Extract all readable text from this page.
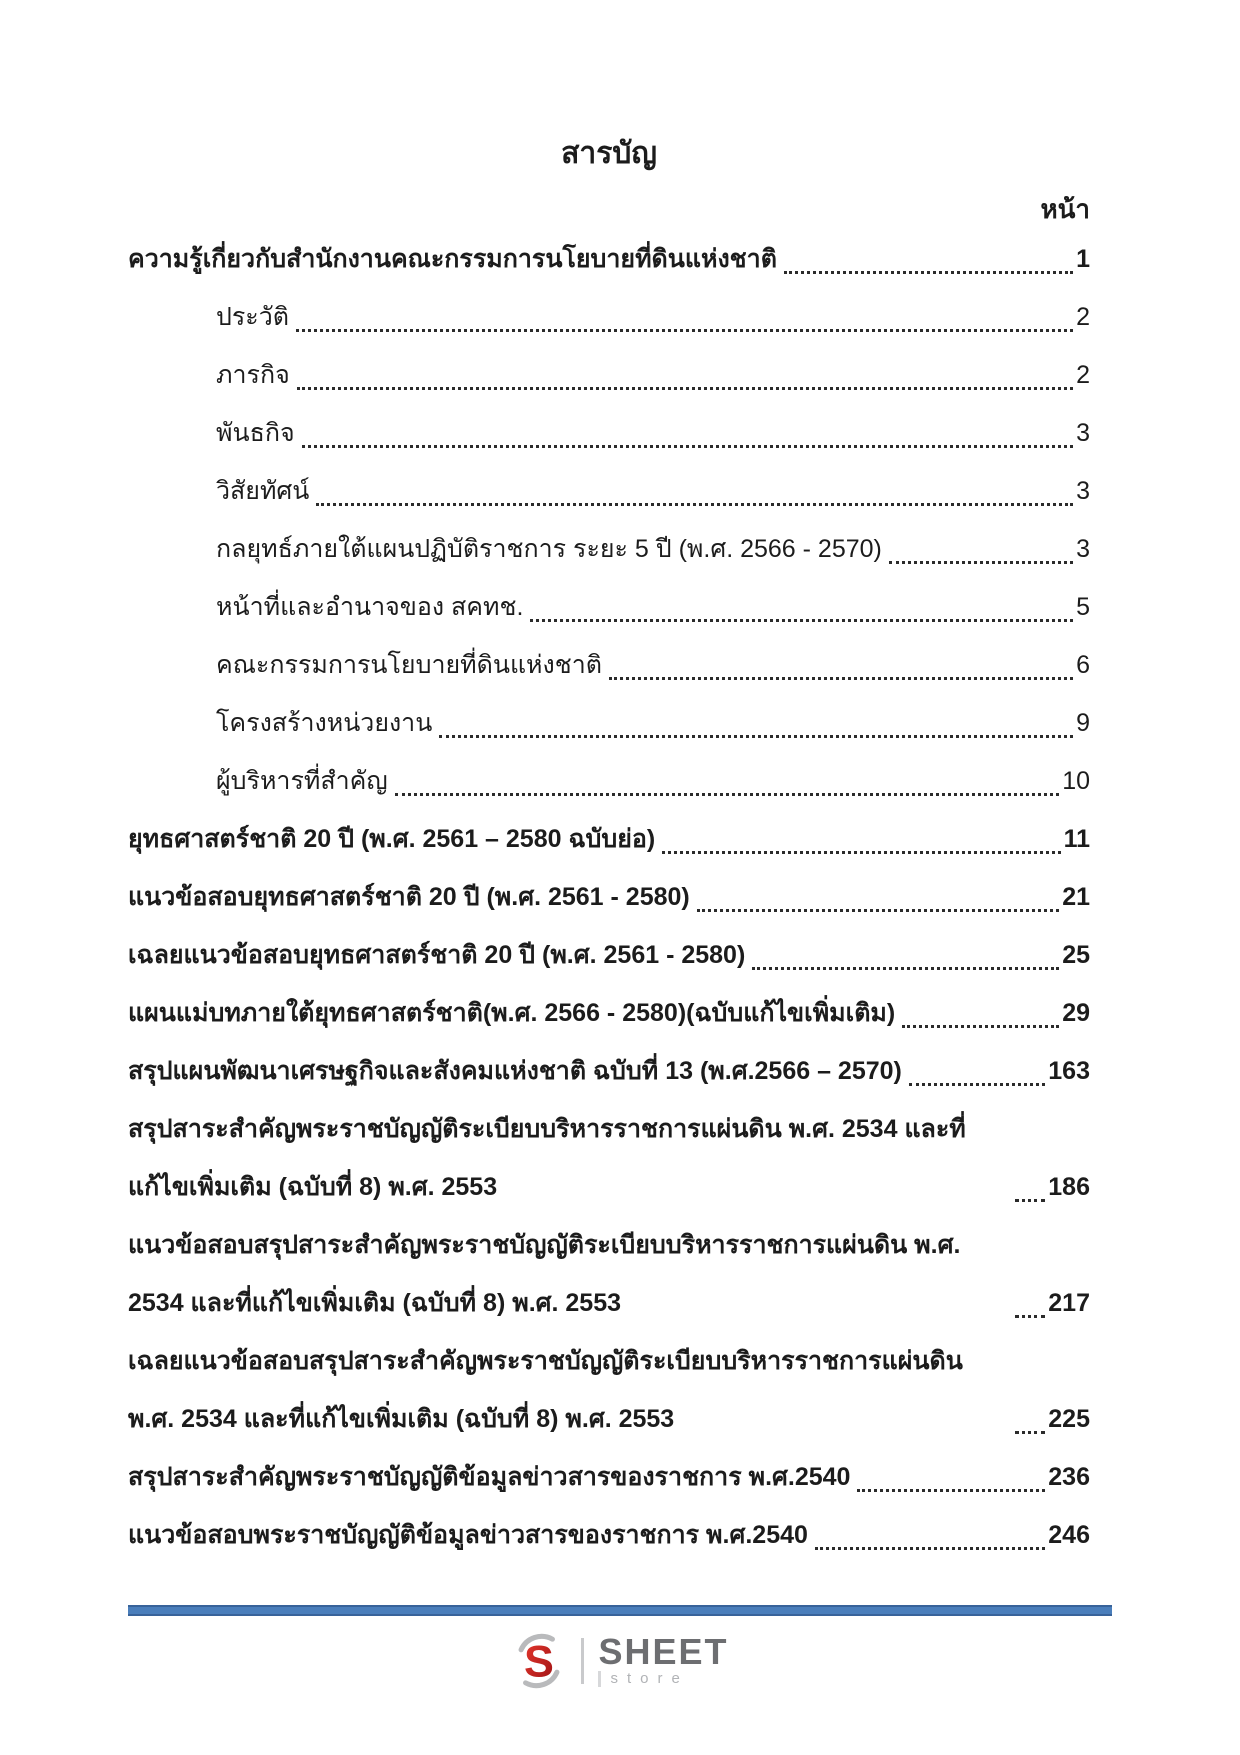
สารบัญ
หน้า
ความรู้เกี่ยวกับสำนักงานคณะกรรมการนโยบายที่ดินแห่งชาติ	1
ประวัติ	2
ภารกิจ	2
พันธกิจ	3
วิสัยทัศน์	3
กลยุทธ์ภายใต้แผนปฏิบัติราชการ ระยะ 5 ปี (พ.ศ. 2566 - 2570)	3
หน้าที่และอำนาจของ สคทช.	5
คณะกรรมการนโยบายที่ดินแห่งชาติ	6
โครงสร้างหน่วยงาน	9
ผู้บริหารที่สำคัญ	10
ยุทธศาสตร์ชาติ 20 ปี (พ.ศ. 2561 – 2580 ฉบับย่อ)	11
แนวข้อสอบยุทธศาสตร์ชาติ 20 ปี (พ.ศ. 2561 - 2580)	21
เฉลยแนวข้อสอบยุทธศาสตร์ชาติ 20 ปี (พ.ศ. 2561 - 2580)	25
แผนแม่บทภายใต้ยุทธศาสตร์ชาติ(พ.ศ. 2566 - 2580)(ฉบับแก้ไขเพิ่มเติม)	29
สรุปแผนพัฒนาเศรษฐกิจและสังคมแห่งชาติ ฉบับที่ 13 (พ.ศ.2566 – 2570)	163
สรุปสาระสำคัญพระราชบัญญัติระเบียบบริหารราชการแผ่นดิน พ.ศ. 2534 และที่แก้ไขเพิ่มเติม (ฉบับที่ 8) พ.ศ. 2553	186
แนวข้อสอบสรุปสาระสำคัญพระราชบัญญัติระเบียบบริหารราชการแผ่นดิน พ.ศ. 2534 และที่แก้ไขเพิ่มเติม (ฉบับที่ 8) พ.ศ. 2553	217
เฉลยแนวข้อสอบสรุปสาระสำคัญพระราชบัญญัติระเบียบบริหารราชการแผ่นดิน พ.ศ. 2534 และที่แก้ไขเพิ่มเติม (ฉบับที่ 8) พ.ศ. 2553	225
สรุปสาระสำคัญพระราชบัญญัติข้อมูลข่าวสารของราชการ พ.ศ.2540	236
แนวข้อสอบพระราชบัญญัติข้อมูลข่าวสารของราชการ พ.ศ.2540	246
S SHEET
store
